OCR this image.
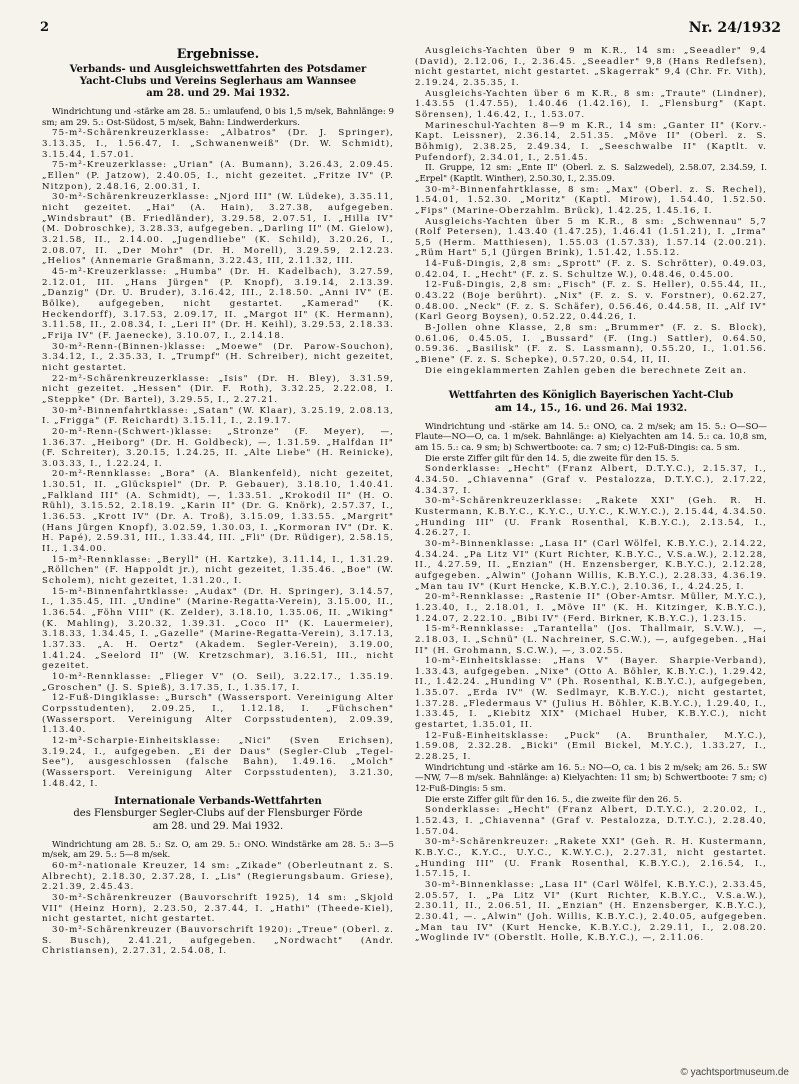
2	Nr. 24/1932

Ergebnisse.

Verbands- und Ausgleichswettfahrten des Potsdamer

Yacht-Clubs und Vereins Seglerhaus am Wannsee

am 28. und 29. Mai 1932.

Windrichtung und -stärke am 28. 5.: umlaufend, 0 bis 1,5 m/sek, Bahnlänge: 9 sm; am 29. 5.: Ost-Südost, 5 m/sek, Bahn: Lindwerderkurs.

75-m²-Schärenkreuzerklasse: „Albatros" (Dr. J. Springer), 3.13.35, I., 1.56.47, I. „Schwanenweiß" (Dr. W. Schmidt), 3.15.44, 1.57.01.

75-m²-Kreuzerklasse: „Urian" (A. Bumann), 3.26.43, 2.09.45. „Ellen" (P. Jatzow), 2.40.05, I., nicht gezeitet. „Fritze IV" (P. Nitzpon), 2.48.16, 2.00.31, I.

30-m²-Schärenkreuzerklasse: „Njord III" (W. Lüdeke), 3.35.11, nicht gezeitet. „Hai" (A. Hain), 3.27.38, aufgegeben. „Windsbraut" (B. Friedländer), 3.29.58, 2.07.51, I. „Hilla IV" (M. Dobroschke), 3.28.33, aufgegeben. „Darling II" (M. Gielow), 3.21.58, II., 2.14.00. „Jugendliebe" (K. Schild), 3.20.26, I., 2.08.07, II. „Der Mohr" (Dr. H. Morell), 3.29.59, 2.12.23. „Helios" (Annemarie Graßmann, 3.22.43, III, 2.11.32, III.

45-m²-Kreuzerklasse: „Humba" (Dr. H. Kadelbach), 3.27.59, 2.12.01, III. „Hans Jürgen" (P. Knopf), 3.19.14, 2.13.39. „Danzig" (Dr. U. Bruder), 3.16.42, III., 2.18.50. „Anni IV" (E. Bölke), aufgegeben, nicht gestartet. „Kamerad" (K. Heckendorff), 3.17.53, 2.09.17, II. „Margot II" (K. Hermann), 3.11.58, II., 2.08.34, I. „Leri II" (Dr. H. Keihl), 3.29.53, 2.18.33. „Frija IV" (F. Jaenecke), 3.10.07, I., 2.14.18.

30-m²-Renn-(Binnen-)klasse: „Moewe" (Dr. Parow-Souchon), 3.34.12, I., 2.35.33, I. „Trumpf" (H. Schreiber), nicht gezeitet, nicht gestartet.

22-m²-Schärenkreuzerklasse: „Isis" (Dr. H. Bley), 3.31.59, nicht gezeitet. „Hessen" (Dir. F. Roth), 3.32.25, 2.22.08, I. „Steppke" (Dr. Bartel), 3.29.55, I., 2.27.21.

30-m²-Binnenfahrtklasse: „Satan" (W. Klaar), 3.25.19, 2.08.13, I. „Frigga" (F. Reichardt) 3.15.11, I., 2.19.17.

20-m²-Renn-(Schwert-)klasse: „Stronze" (F. Meyer), —, 1.36.37. „Heiborg" (Dr. H. Goldbeck), —, 1.31.59. „Halfdan II" (F. Schreiter), 3.20.15, 1.24.25, II. „Alte Liebe" (H. Reinicke), 3.03.33, I., 1.22.24, I.

20-m²-Rennklasse: „Bora" (A. Blankenfeld), nicht gezeitet, 1.30.51, II. „Glückspiel" (Dr. P. Gebauer), 3.18.10, 1.40.41. „Falkland III" (A. Schmidt), —, 1.33.51. „Krokodil II" (H. O. Rühl), 3.15.52, 2.18.19. „Karin II" (Dr. G. Knörk), 2.57.37, I., 1.36.53. „Krott IV" (Dr. A. Troß), 3.15.09, 1.33.55. „Margrit" (Hans Jürgen Knopf), 3.02.59, 1.30.03, I. „Kormoran IV" (Dr. K. H. Papé), 2.59.31, III., 1.33.44, III. „Fli" (Dr. Rüdiger), 2.58.15, II., 1.34.00.

15-m²-Rennklasse: „Beryll" (H. Kartzke), 3.11.14, I., 1.31.29. „Röllchen" (F. Happoldt jr.), nicht gezeitet, 1.35.46. „Boe" (W. Scholem), nicht gezeitet, 1.31.20., I.

15-m²-Binnenfahrtklasse: „Audax" (Dr. H. Springer), 3.14.57, I., 1.35.45, III. „Undine" (Marine-Regatta-Verein), 3.15.00, II., 1.36.54. „Föhn VIII" (K. Zelder), 3.18.10, 1.35.06, II. „Wiking" (K. Mahling), 3.20.32, 1.39.31. „Coco II" (K. Lauermeier), 3.18.33, 1.34.45, I. „Gazelle" (Marine-Regatta-Verein), 3.17.13, 1.37.33. „A. H. Oertz" (Akadem. Segler-Verein), 3.19.00, 1.41.24. „Seelord II" (W. Kretzschmar), 3.16.51, III., nicht gezeitet.

10-m²-Rennklasse: „Flieger V" (O. Seil), 3.22.17., 1.35.19. „Groschen" (J. S. Spieß), 3.17.35, I., 1.35.17, I.

12-Fuß-Dingiklasse: „Bursch" (Wassersport. Vereinigung Alter Corpsstudenten), 2.09.25, I., 1.12.18, I. „Füchschen" (Wassersport. Vereinigung Alter Corpsstudenten), 2.09.39, 1.13.40.

12-m²-Scharpie-Einheitsklasse: „Nici" (Sven Erichsen), 3.19.24, I., aufgegeben. „Ei der Daus" (Segler-Club „Tegel-See"), ausgeschlossen (falsche Bahn), 1.49.16. „Molch" (Wassersport. Vereinigung Alter Corpsstudenten), 3.21.30, 1.48.42, I.

Internationale Verbands-Wettfahrten

des Flensburger Segler-Clubs auf der Flensburger Förde

am 28. und 29. Mai 1932.

Windrichtung am 28. 5.: Sz. O, am 29. 5.: ONO. Windstärke am 28. 5.: 3—5 m/sek, am 29. 5.: 5—8 m/sek.

60-m²-nationale Kreuzer, 14 sm: „Zikade" (Oberleutnant z. S. Albrecht), 2.18.30, 2.37.28, I. „Lis" (Regierungsbaum. Griese), 2.21.39, 2.45.43.

30-m²-Schärenkreuzer (Bauvorschrift 1925), 14 sm: „Skjold VII" (Heinz Horn), 2.23.50, 2.37.44, I. „Hathi" (Theede-Kiel), nicht gestartet, nicht gestartet.

30-m²-Schärenkreuzer (Bauvorschrift 1920): „Treue" (Oberl. z. S. Busch), 2.41.21, aufgegeben. „Nordwacht" (Andr. Christiansen), 2.27.31, 2.54.08, I.

Ausgleichs-Yachten über 9 m K.R., 14 sm: „Seeadler" 9,4 (David), 2.12.06, I., 2.36.45. „Seeadler" 9,8 (Hans Redlefsen), nicht gestartet, nicht gestartet. „Skagerrak" 9,4 (Chr. Fr. Vith), 2.19.24, 2.35.35, I.

Ausgleichs-Yachten über 6 m K.R., 8 sm: „Traute" (Lindner), 1.43.55 (1.47.55), 1.40.46 (1.42.16), I. „Flensburg" (Kapt. Sörensen), 1.46.42, I., 1.53.07.

Marineschul-Yachten 8—9 m K.R., 14 sm: „Ganter II" (Korv.-Kapt. Leissner), 2.36.14, 2.51.35. „Möve II" (Oberl. z. S. Böhmig), 2.38.25, 2.49.34, I. „Seeschwalbe II" (Kaptlt. v. Pufendorf), 2.34.01, I., 2.51.45.

II. Gruppe, 12 sm: „Ente II" (Oberl. z. S. Salzwedel), 2.58.07, 2.34.59, I. „Erpel" (Kaptlt. Winther), 2.50.30, I., 2.35.09.

30-m²-Binnenfahrtklasse, 8 sm: „Max" (Oberl. z. S. Rechel), 1.54.01, 1.52.30. „Moritz" (Kaptl. Mirow), 1.54.40, 1.52.50. „Fips" (Marine-Oberzahlm. Brück), 1.42.25, 1.45.16, I.

Ausgleichs-Yachten über 5 m K.R., 8 sm: „Schwennau" 5,7 (Rolf Petersen), 1.43.40 (1.47.25), 1.46.41 (1.51.21), I. „Irma" 5,5 (Herm. Matthiesen), 1.55.03 (1.57.33), 1.57.14 (2.00.21). „Rüm Hart" 5,1 (Jürgen Brink), 1.51.42, 1.55.12.

14-Fuß-Dingis, 2,8 sm: „Sprott" (F. z. S. Schrötter), 0.49.03, 0.42.04, I. „Hecht" (F. z. S. Schultze W.), 0.48.46, 0.45.00.

12-Fuß-Dingis, 2,8 sm: „Fisch" (F. z. S. Heller), 0.55.44, II., 0.43.22 (Boje berührt). „Nix" (F. z. S. v. Forstner), 0.62.27, 0.48.00. „Neck" (F. z. S. Schäfer), 0.56.46, 0.44.58, II. „Alf IV" (Karl Georg Boysen), 0.52.22, 0.44.26, I.

B-Jollen ohne Klasse, 2,8 sm: „Brummer" (F. z. S. Block), 0.61.06, 0.45.05, I. „Bussard" (F. (Ing.) Sattler), 0.64.50, 0.59.36. „Basilisk" (F. z. S. Lassmann), 0.55.20, I., 1.01.56. „Biene" (F. z. S. Schepke), 0.57.20, 0.54, II, II.

Die eingeklammerten Zahlen geben die berechnete Zeit an.

Wettfahrten des Königlich Bayerischen Yacht-Club

am 14., 15., 16. und 26. Mai 1932.

Windrichtung und -stärke am 14. 5.: ONO, ca. 2 m/sek; am 15. 5.: O—SO—Flaute—NO—O, ca. 1 m/sek. Bahnlänge: a) Kielyachten am 14. 5.: ca. 10,8 sm, am 15. 5.: ca. 9 sm; b) Schwertboote: ca. 7 sm; c) 12-Fuß-Dingis: ca. 5 sm.

Die erste Ziffer gilt für den 14. 5, die zweite für den 15. 5.

Sonderklasse: „Hecht" (Franz Albert, D.T.Y.C.), 2.15.37, I., 4.34.50. „Chiavenna" (Graf v. Pestalozza, D.T.Y.C.), 2.17.22, 4.34.37, I.

30-m²-Schärenkreuzerklasse: „Rakete XXI" (Geh. R. H. Kustermann, K.B.Y.C., K.Y.C., U.Y.C., K.W.Y.C.), 2.15.44, 4.34.50. „Hunding III" (U. Frank Rosenthal, K.B.Y.C.), 2.13.54, I., 4.26.27, I.

30-m²-Binnenklasse: „Lasa II" (Carl Wölfel, K.B.Y.C.), 2.14.22, 4.34.24. „Pa Litz VI" (Kurt Richter, K.B.Y.C., V.S.a.W.), 2.12.28, II., 4.27.59, II. „Enzian" (H. Enzensberger, K.B.Y.C.), 2.12.28, aufgegeben. „Alwin" (Johann Willis, K.B.Y.C.), 2.28.33, 4.36.19. „Man tau IV" (Kurt Hencke, K.B.Y.C.), 2.10.36, I., 4.24.25, I.

20-m²-Rennklasse: „Rastenie II" (Ober-Amtsr. Müller, M.Y.C.), 1.23.40, I., 2.18.01, I. „Möve II" (K. H. Kitzinger, K.B.Y.C.), 1.24.07, 2.22.10. „Bibi IV" (Ferd. Birkner, K.B.Y.C.), 1.23.15.

15-m²-Rennklasse: „Tarantella" (Jos. Thallmair, S.V.W.), —, 2.18.03, I. „Schnü" (L. Nachreiner, S.C.W.), —, aufgegeben. „Hai II" (H. Grohmann, S.C.W.), —, 3.02.55.

10-m²-Einheitsklasse: „Hans V" (Bayer. Sharpie-Verband), 1.33.43, aufgegeben. „Nixe" (Otto A. Böhler, K.B.Y.C.), 1.29.42, II., 1.42.24. „Hunding V" (Ph. Rosenthal, K.B.Y.C.), aufgegeben, 1.35.07. „Erda IV" (W. Sedlmayr, K.B.Y.C.), nicht gestartet, 1.37.28. „Fledermaus V" (Julius H. Böhler, K.B.Y.C.), 1.29.40, I., 1.33.45, I. „Kiebitz XIX" (Michael Huber, K.B.Y.C.), nicht gestartet, 1.35.01, II.

12-Fuß-Einheitsklasse: „Puck" (A. Brunthaler, M.Y.C.), 1.59.08, 2.32.28. „Bicki" (Emil Bickel, M.Y.C.), 1.33.27, I., 2.28.25, I.

Windrichtung und -stärke am 16. 5.: NO—O, ca. 1 bis 2 m/sek; am 26. 5.: SW—NW, 7—8 m/sek. Bahnlänge: a) Kielyachten: 11 sm; b) Schwertboote: 7 sm; c) 12-Fuß-Dingis: 5 sm.

Die erste Ziffer gilt für den 16. 5., die zweite für den 26. 5.

Sonderklasse: „Hecht" (Franz Albert, D.T.Y.C.), 2.20.02, I., 1.52.43, I. „Chiavenna" (Graf v. Pestalozza, D.T.Y.C.), 2.28.40, 1.57.04.

30-m²-Schärenkreuzer: „Rakete XXI" (Geh. R. H. Kustermann, K.B.Y.C., K.Y.C., U.Y.C., K.W.Y.C.), 2.27.31, nicht gestartet. „Hunding III" (U. Frank Rosenthal, K.B.Y.C.), 2.16.54, I., 1.57.15, I.

30-m²-Binnenklasse: „Lasa II" (Carl Wölfel, K.B.Y.C.), 2.33.45, 2.05.57, I. „Pa Litz VI" (Kurt Richter, K.B.Y.C., V.S.a.W.), 2.30.11, II., 2.06.51, II. „Enzian" (H. Enzensberger, K.B.Y.C.), 2.30.41, —. „Alwin" (Joh. Willis, K.B.Y.C.), 2.40.05, aufgegeben. „Man tau IV" (Kurt Hencke, K.B.Y.C.), 2.29.11, I., 2.08.20. „Woglinde IV" (Oberstlt. Holle, K.B.Y.C.), —, 2.11.06.

© yachtsportmuseum.de
